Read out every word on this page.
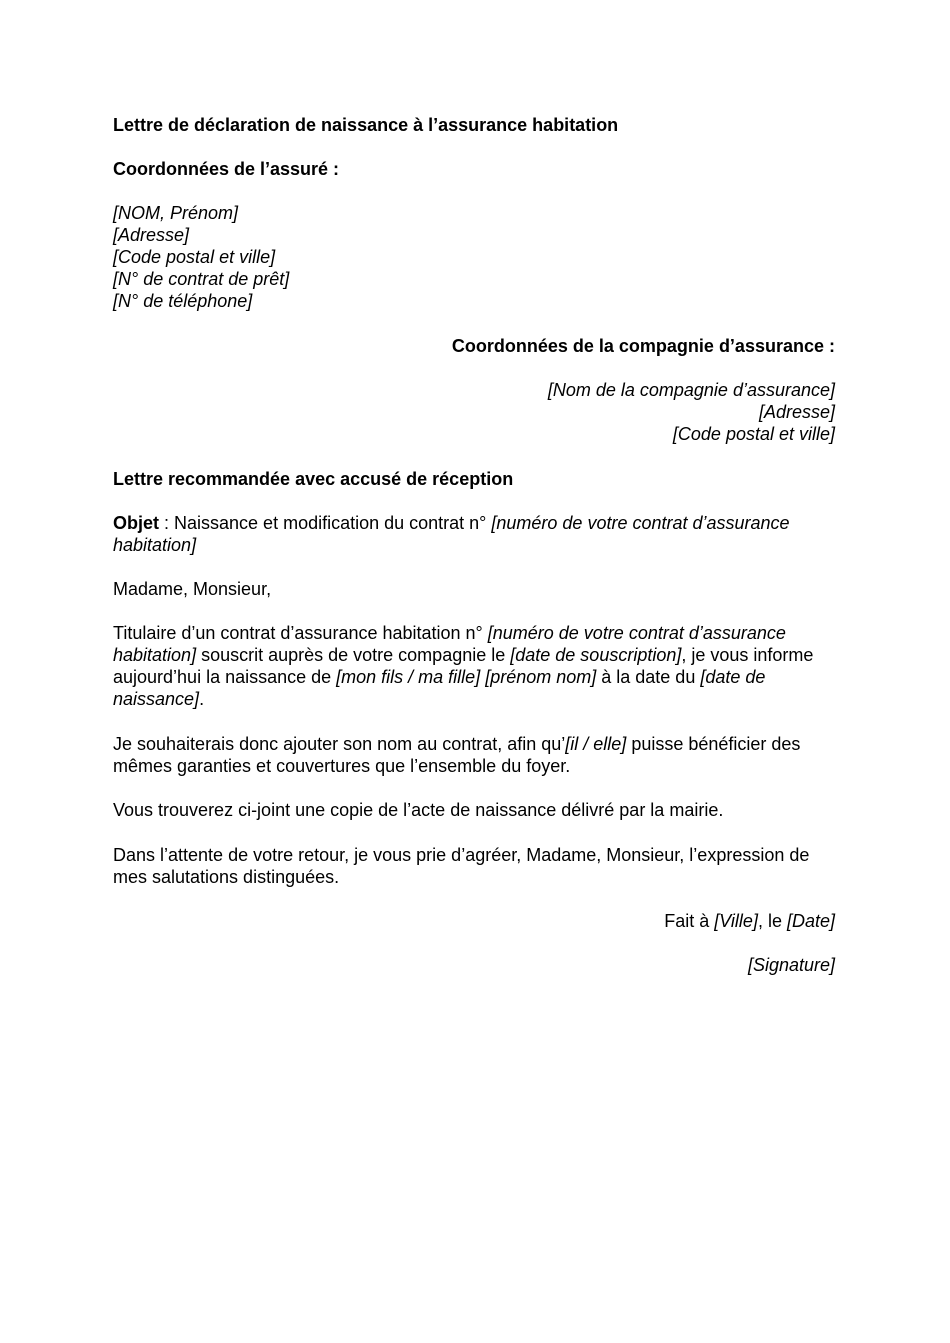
Lettre de déclaration de naissance à l’assurance habitation

Coordonnées de l’assuré :

[NOM, Prénom]
[Adresse]
[Code postal et ville]
[N° de contrat de prêt]
[N° de téléphone]

Coordonnées de la compagnie d’assurance :

[Nom de la compagnie d’assurance]
[Adresse]
[Code postal et ville]

Lettre recommandée avec accusé de réception

Objet : Naissance et modification du contrat n° [numéro de votre contrat d’assurance habitation]

Madame, Monsieur,

Titulaire d’un contrat d’assurance habitation n° [numéro de votre contrat d’assurance habitation] souscrit auprès de votre compagnie le [date de souscription], je vous informe aujourd’hui la naissance de [mon fils / ma fille] [prénom nom] à la date du [date de naissance].

Je souhaiterais donc ajouter son nom au contrat, afin qu’[il / elle] puisse bénéficier des mêmes garanties et couvertures que l’ensemble du foyer.

Vous trouverez ci-joint une copie de l’acte de naissance délivré par la mairie.

Dans l’attente de votre retour, je vous prie d’agréer, Madame, Monsieur, l’expression de mes salutations distinguées.

Fait à [Ville], le [Date]

[Signature]
